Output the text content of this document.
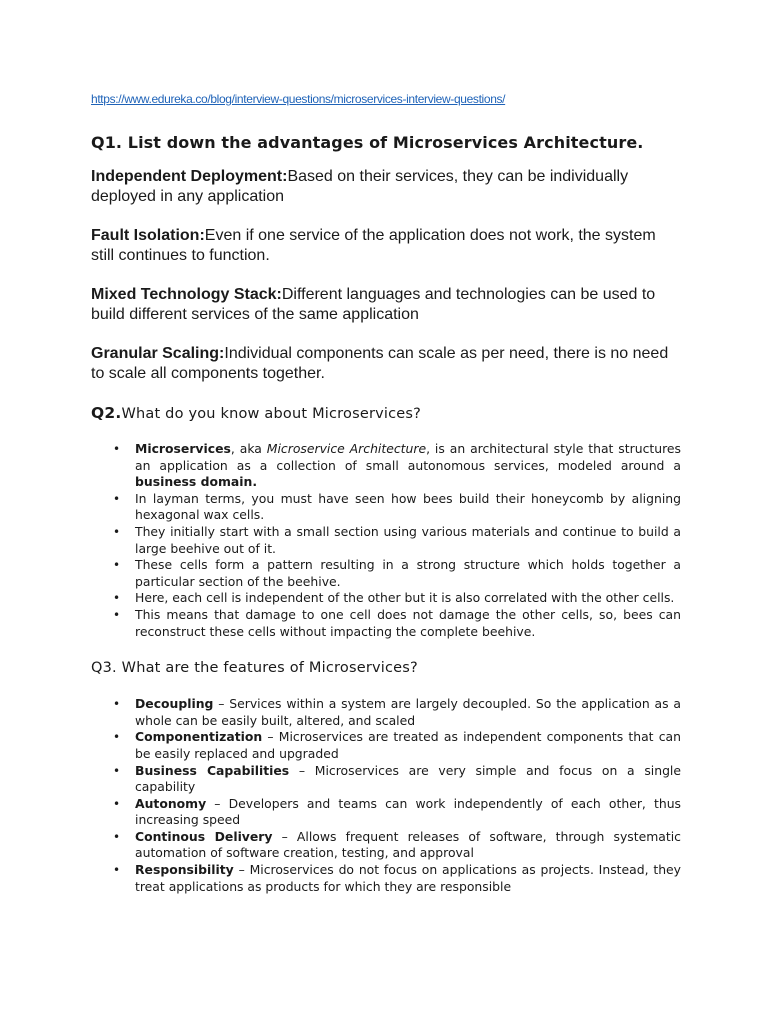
https://www.edureka.co/blog/interview-questions/microservices-interview-questions/
Q1. List down the advantages of Microservices Architecture.

Independent Deployment:Based on their services, they can be individually deployed in any application

Fault Isolation:Even if one service of the application does not work, the system still continues to function.

Mixed Technology Stack:Different languages and technologies can be used to build different services of the same application

Granular Scaling:Individual components can scale as per need, there is no need to scale all components together.

Q2.What do you know about Microservices?
• Microservices, aka Microservice Architecture, is an architectural style that structures an application as a collection of small autonomous services, modeled around a business domain.
• In layman terms, you must have seen how bees build their honeycomb by aligning hexagonal wax cells.
• They initially start with a small section using various materials and continue to build a large beehive out of it.
• These cells form a pattern resulting in a strong structure which holds together a particular section of the beehive.
• Here, each cell is independent of the other but it is also correlated with the other cells.
• This means that damage to one cell does not damage the other cells, so, bees can reconstruct these cells without impacting the complete beehive.
Q3. What are the features of Microservices?
• Decoupling – Services within a system are largely decoupled. So the application as a whole can be easily built, altered, and scaled
• Componentization – Microservices are treated as independent components that can be easily replaced and upgraded
• Business Capabilities – Microservices are very simple and focus on a single capability
• Autonomy – Developers and teams can work independently of each other, thus increasing speed
• Continous Delivery – Allows frequent releases of software, through systematic automation of software creation, testing, and approval
• Responsibility – Microservices do not focus on applications as projects. Instead, they treat applications as products for which they are responsible
